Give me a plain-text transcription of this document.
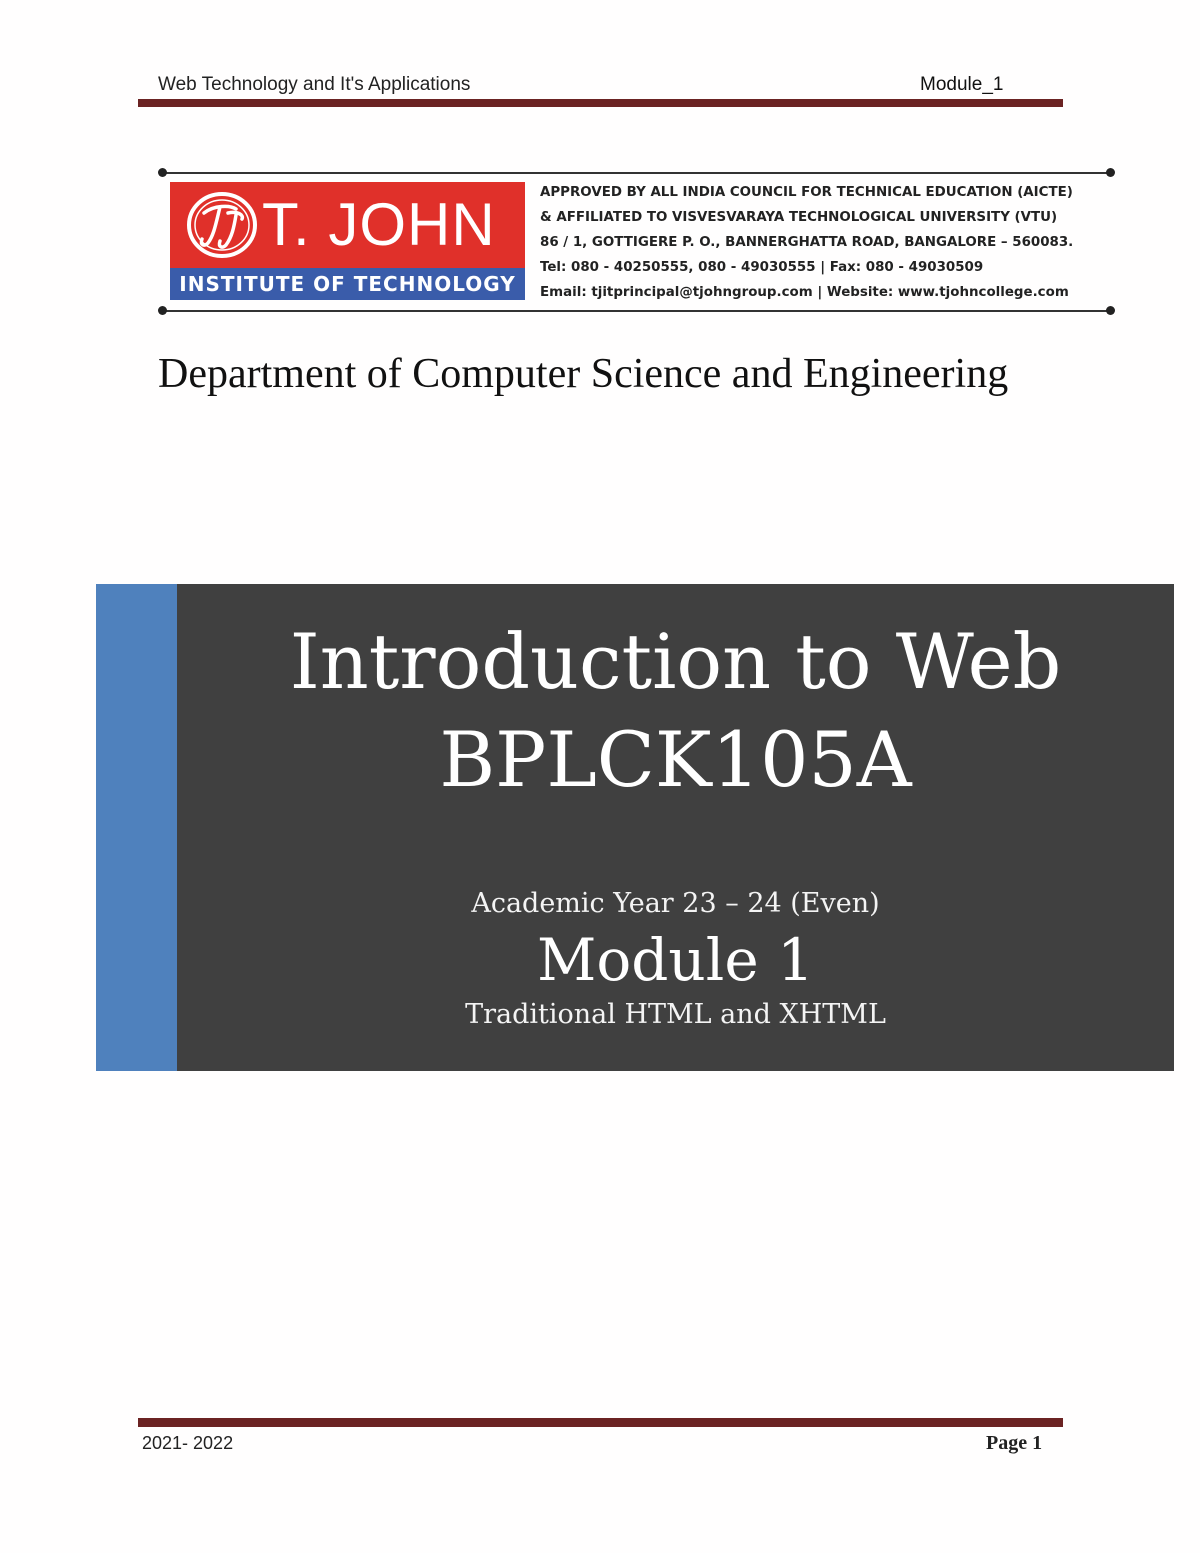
Web Technology and It's Applications	Module_1
T. JOHN
INSTITUTE OF TECHNOLOGY
APPROVED BY ALL INDIA COUNCIL FOR TECHNICAL EDUCATION (AICTE)
& AFFILIATED TO VISVESVARAYA TECHNOLOGICAL UNIVERSITY (VTU)
86 / 1, GOTTIGERE P. O., BANNERGHATTA ROAD, BANGALORE – 560083.
Tel: 080 - 40250555, 080 - 49030555 | Fax: 080 - 49030509
Email: tjitprincipal@tjohngroup.com | Website: www.tjohncollege.com
Department of Computer Science and Engineering
Introduction to Web
BPLCK105A
Academic Year 23 – 24 (Even)
Module 1
Traditional HTML and XHTML
2021- 2022	Page 1
